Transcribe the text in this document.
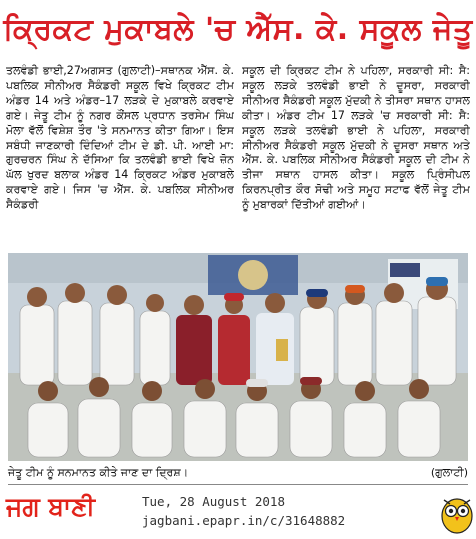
ਕ੍ਰਿਕਟ ਮੁਕਾਬਲੇ 'ਚ ਐੱਸ. ਕੇ. ਸਕੂਲ ਜੇਤੂ
ਤਲਵੰਡੀ ਭਾਈ,27ਅਗਸਤ (ਗੁਲਾਟੀ)–ਸਥਾਨਕ ਐੱਸ. ਕੇ. ਪਬਲਿਕ ਸੀਨੀਅਰ ਸੈਕੰਡਰੀ ਸਕੂਲ ਵਿਖੇ ਕ੍ਰਿਕਟ ਟੀਮ ਅੰਡਰ 14 ਅਤੇ ਅੰਡਰ–17 ਲੜਕੇ ਦੇ ਮੁਕਾਬਲੇ ਕਰਵਾਏ ਗਏ। ਜੇਤੂ ਟੀਮ ਨੂੰ ਨਗਰ ਕੌਂਸਲ ਪ੍ਰਧਾਨ ਤਰਸੇਮ ਸਿੰਘ ਮੋਲਾ ਵੱਲੋਂ ਵਿਸ਼ੇਸ਼ ਤੌਰ 'ਤੇ ਸਨਮਾਨਤ ਕੀਤਾ ਗਿਆ। ਇਸ ਸਬੰਧੀ ਜਾਣਕਾਰੀ ਦਿੰਦਿਆਂ ਟੀਮ ਦੇ ਡੀ. ਪੀ. ਆਈ ਮਾ: ਗੁਰਚਰਨ ਸਿੰਘ ਨੇ ਦੱਸਿਆ ਕਿ ਤਲਵੰਡੀ ਭਾਈ ਵਿਖੇ ਜ਼ੋਨ ਘੱਲ ਖੁਰਦ ਬਲਾਕ ਅੰਡਰ 14 ਕ੍ਰਿਕਟ ਅੰਡਰ ਮੁਕਾਬਲੇ ਕਰਵਾਏ ਗਏ। ਜਿਸ 'ਚ ਐੱਸ. ਕੇ. ਪਬਲਿਕ ਸੀਨੀਅਰ ਸੈਕੰਡਰੀ
ਸਕੂਲ ਦੀ ਕ੍ਰਿਕਟ ਟੀਮ ਨੇ ਪਹਿਲਾ, ਸਰਕਾਰੀ ਸੀ: ਸੈ: ਸਕੂਲ ਲੜਕੇ ਤਲਵੰਡੀ ਭਾਈ ਨੇ ਦੂਸਰਾ, ਸਰਕਾਰੀ ਸੀਨੀਅਰ ਸੈਕੰਡਰੀ ਸਕੂਲ ਮੁੱਦਕੀ ਨੇ ਤੀਸਰਾ ਸਥਾਨ ਹਾਸਲ ਕੀਤਾ। ਅੰਡਰ ਟੀਮ 17 ਲੜਕੇ 'ਚ ਸਰਕਾਰੀ ਸੀ: ਸੈ: ਸਕੂਲ ਲੜਕੇ ਤਲਵੰਡੀ ਭਾਈ ਨੇ ਪਹਿਲਾ, ਸਰਕਾਰੀ ਸੀਨੀਅਰ ਸੈਕੰਡਰੀ ਸਕੂਲ ਮੁੱਦਕੀ ਨੇ ਦੂਸਰਾ ਸਥਾਨ ਅਤੇ ਐੱਸ. ਕੇ. ਪਬਲਿਕ ਸੀਨੀਅਰ ਸੈਕੰਡਰੀ ਸਕੂਲ ਦੀ ਟੀਮ ਨੇ ਤੀਜਾ ਸਥਾਨ ਹਾਸਲ ਕੀਤਾ। ਸਕੂਲ ਪ੍ਰਿੰਸੀਪਲ ਕਿਰਨਪ੍ਰੀਤ ਕੌਰ ਸੋਢੀ ਅਤੇ ਸਮੂਹ ਸਟਾਫ ਵੱਲੋਂ ਜੇਤੂ ਟੀਮ ਨੂੰ ਮੁਬਾਰਕਾਂ ਦਿੱਤੀਆਂ ਗਈਆਂ।
ਜੇਤੂ ਟੀਮ ਨੂੰ ਸਨਮਾਨਤ ਕੀਤੇ ਜਾਣ ਦਾ ਦ੍ਰਿਸ਼।	(ਗੁਲਾਟੀ)
ਜਗ ਬਾਣੀ	Tue, 28 August 2018
jagbani.epapr.in/c/31648882
